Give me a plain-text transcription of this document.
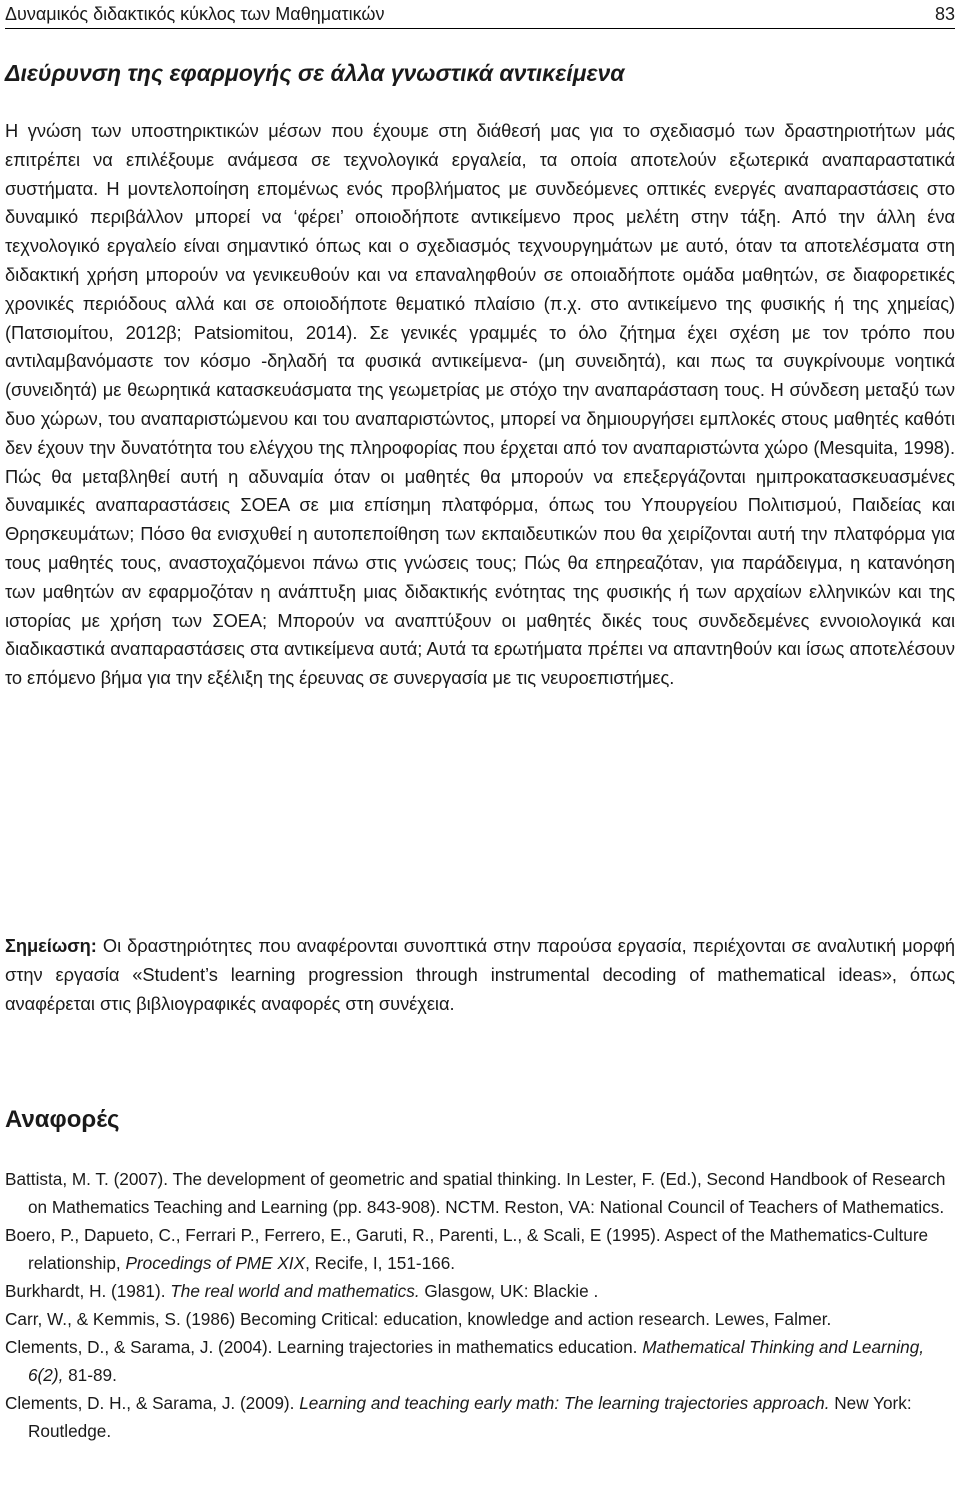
Δυναμικός διδακτικός κύκλος των Μαθηματικών	83
Διεύρυνση της εφαρμογής σε άλλα γνωστικά αντικείμενα

Η γνώση των υποστηρικτικών μέσων που έχουμε στη διάθεσή μας για το σχεδιασμό των δραστηριοτήτων μάς επιτρέπει να επιλέξουμε ανάμεσα σε τεχνολογικά εργαλεία, τα οποία αποτελούν εξωτερικά αναπαραστατικά συστήματα. Η μοντελοποίηση επομένως ενός προβλήματος με συνδεόμενες οπτικές ενεργές αναπαραστάσεις στο δυναμικό περιβάλλον μπορεί να ‘φέρει’ οποιοδήποτε αντικείμενο προς μελέτη στην τάξη. Από την άλλη ένα τεχνολογικό εργαλείο είναι σημαντικό όπως και ο σχεδιασμός τεχνουργημάτων με αυτό, όταν τα αποτελέσματα στη διδακτική χρήση μπορούν να γενικευθούν και να επαναληφθούν σε οποιαδήποτε ομάδα μαθητών, σε διαφορετικές χρονικές περιόδους αλλά και σε οποιοδήποτε θεματικό πλαίσιο (π.χ. στο αντικείμενο της φυσικής ή της χημείας) (Πατσιομίτου, 2012β; Patsiomitou, 2014). Σε γενικές γραμμές το όλο ζήτημα έχει σχέση με τον τρόπο που αντιλαμβανόμαστε τον κόσμο -δηλαδή τα φυσικά αντικείμενα- (μη συνειδητά), και πως τα συγκρίνουμε νοητικά (συνειδητά) με θεωρητικά κατασκευάσματα της γεωμετρίας με στόχο την αναπαράσταση τους. Η σύνδεση μεταξύ των δυο χώρων, του αναπαριστώμενου και του αναπαριστώντος, μπορεί να δημιουργήσει εμπλοκές στους μαθητές καθότι δεν έχουν την δυνατότητα του ελέγχου της πληροφορίας που έρχεται από τον αναπαριστώντα χώρο (Mesquita, 1998). Πώς θα μεταβληθεί αυτή η αδυναμία όταν οι μαθητές θα μπορούν να επεξεργάζονται ημιπροκατασκευασμένες δυναμικές αναπαραστάσεις ΣΟΕΑ σε μια επίσημη πλατφόρμα, όπως του Υπουργείου Πολιτισμού, Παιδείας και Θρησκευμάτων; Πόσο θα ενισχυθεί η αυτοπεποίθηση των εκπαιδευτικών που θα χειρίζονται αυτή την πλατφόρμα για τους μαθητές τους, αναστοχαζόμενοι πάνω στις γνώσεις τους; Πώς θα επηρεαζόταν, για παράδειγμα, η κατανόηση των μαθητών αν εφαρμοζόταν η ανάπτυξη μιας διδακτικής ενότητας της φυσικής ή των αρχαίων ελληνικών και της ιστορίας με χρήση των ΣΟΕΑ; Μπορούν να αναπτύξουν οι μαθητές δικές τους συνδεδεμένες εννοιολογικά και διαδικαστικά αναπαραστάσεις στα αντικείμενα αυτά; Αυτά τα ερωτήματα πρέπει να απαντηθούν και ίσως αποτελέσουν το επόμενο βήμα για την εξέλιξη της έρευνας σε συνεργασία με τις νευροεπιστήμες.

Σημείωση: Οι δραστηριότητες που αναφέρονται συνοπτικά στην παρούσα εργασία, περιέχονται σε αναλυτική μορφή στην εργασία «Student’s learning progression through instrumental decoding of mathematical ideas», όπως αναφέρεται στις βιβλιογραφικές αναφορές στη συνέχεια.

Αναφορές
Battista, M. T. (2007). The development of geometric and spatial thinking. In Lester, F. (Ed.), Second Handbook of Research on Mathematics Teaching and Learning (pp. 843-908). NCTM. Reston, VA: National Council of Teachers of Mathematics.
Boero, P., Dapueto, C., Ferrari P., Ferrero, E., Garuti, R., Parenti, L., & Scali, E (1995). Aspect of the Mathematics-Culture relationship, Procedings of PME XIX, Recife, I, 151-166.
Burkhardt, H. (1981). The real world and mathematics. Glasgow, UK: Blackie .
Carr, W., & Kemmis, S. (1986) Becoming Critical: education, knowledge and action research. Lewes, Falmer.
Clements, D., & Sarama, J. (2004). Learning trajectories in mathematics education. Mathematical Thinking and Learning, 6(2), 81-89.
Clements, D. H., & Sarama, J. (2009). Learning and teaching early math: The learning trajectories approach. New York: Routledge.
